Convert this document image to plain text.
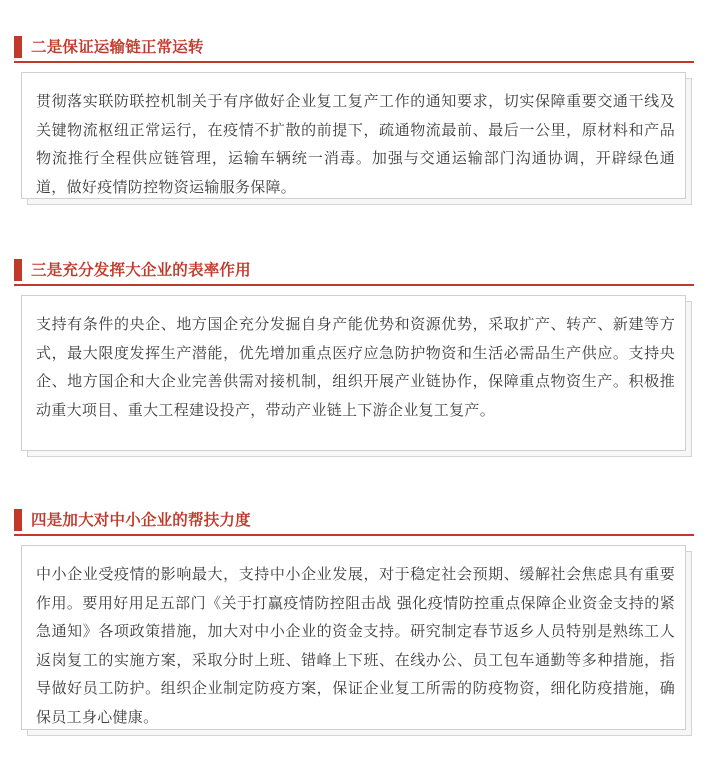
二是保证运输链正常运转

贯彻落实联防联控机制关于有序做好企业复工复产工作的通知要求，切实保障重要交通干线及关键物流枢纽正常运行，在疫情不扩散的前提下，疏通物流最前、最后一公里，原材料和产品物流推行全程供应链管理，运输车辆统一消毒。加强与交通运输部门沟通协调，开辟绿色通道，做好疫情防控物资运输服务保障。

三是充分发挥大企业的表率作用

支持有条件的央企、地方国企充分发掘自身产能优势和资源优势，采取扩产、转产、新建等方式，最大限度发挥生产潜能，优先增加重点医疗应急防护物资和生活必需品生产供应。支持央企、地方国企和大企业完善供需对接机制，组织开展产业链协作，保障重点物资生产。积极推动重大项目、重大工程建设投产，带动产业链上下游企业复工复产。

四是加大对中小企业的帮扶力度

中小企业受疫情的影响最大，支持中小企业发展，对于稳定社会预期、缓解社会焦虑具有重要作用。要用好用足五部门《关于打赢疫情防控阻击战 强化疫情防控重点保障企业资金支持的紧急通知》各项政策措施，加大对中小企业的资金支持。研究制定春节返乡人员特别是熟练工人返岗复工的实施方案，采取分时上班、错峰上下班、在线办公、员工包车通勤等多种措施，指导做好员工防护。组织企业制定防疫方案，保证企业复工所需的防疫物资，细化防疫措施，确保员工身心健康。
